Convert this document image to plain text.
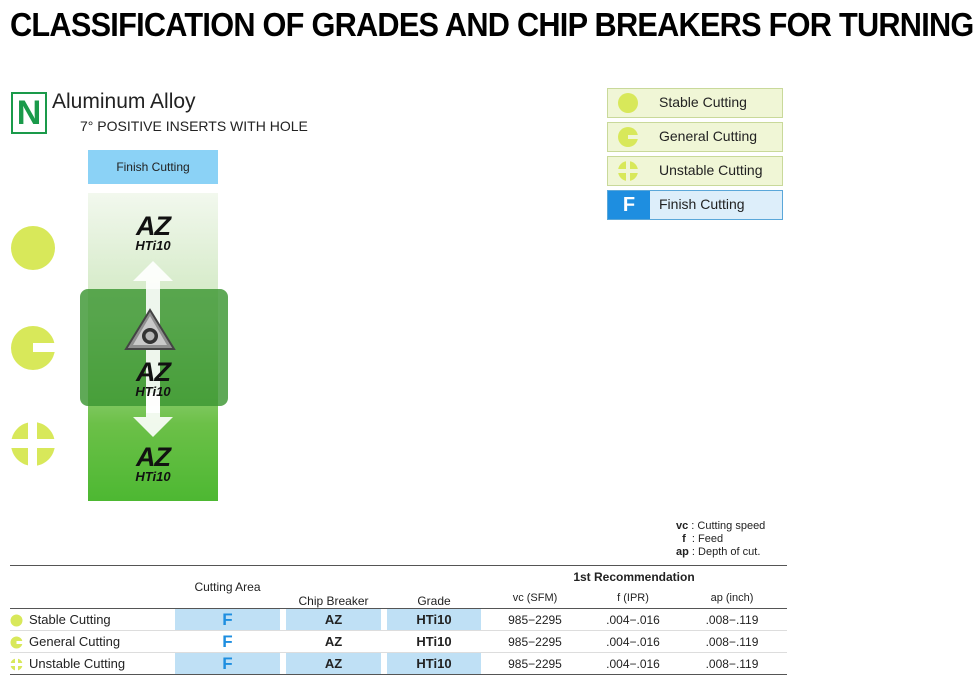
CLASSIFICATION OF GRADES AND CHIP BREAKERS FOR TURNING
N Aluminum Alloy
7° POSITIVE INSERTS WITH HOLE
Stable Cutting
General Cutting
Unstable Cutting
F	Finish Cutting
Finish Cutting
AZ
HTi10
AZ
HTi10
AZ
HTi10
vc : Cutting speed
f  : Feed
ap : Depth of cut.
	Cutting Area		Chip Breaker		Grade	1st Recommendation		
						vc (SFM)	f (IPR)	ap (inch)
Stable Cutting	F		AZ		HTi10	985−2295	.004−.016	.008−.119
General Cutting	F		AZ		HTi10	985−2295	.004−.016	.008−.119
Unstable Cutting	F		AZ		HTi10	985−2295	.004−.016	.008−.119
